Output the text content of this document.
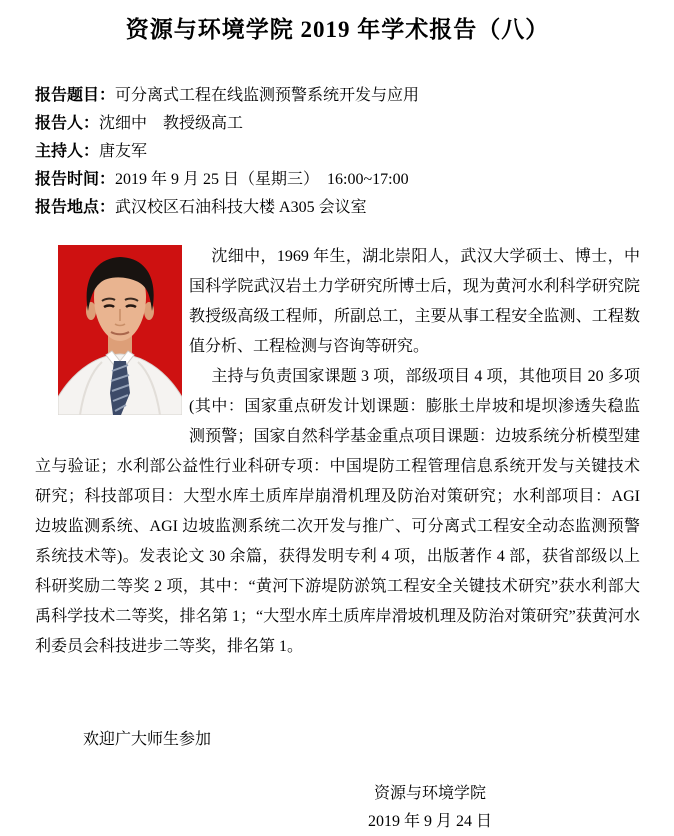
资源与环境学院 2019 年学术报告（八）
报告题目：可分离式工程在线监测预警系统开发与应用
报告人：沈细中　教授级高工
主持人：唐友军
报告时间：2019 年 9 月 25 日（星期三）　16:00~17:00
报告地点：武汉校区石油科技大楼 A305 会议室

沈细中，1969 年生，湖北崇阳人，武汉大学硕士、博士，中国科学院武汉岩土力学研究所博士后，现为黄河水利科学研究院教授级高级工程师，所副总工，主要从事工程安全监测、工程数值分析、工程检测与咨询等研究。

主持与负责国家课题 3 项，部级项目 4 项，其他项目 20 多项(其中：国家重点研发计划课题：膨胀土岸坡和堤坝渗透失稳监测预警；国家自然科学基金重点项目课题：边坡系统分析模型建立与验证；水利部公益性行业科研专项：中国堤防工程管理信息系统开发与关键技术研究；科技部项目：大型水库土质库岸崩滑机理及防治对策研究；水利部项目：AGI 边坡监测系统、AGI 边坡监测系统二次开发与推广、可分离式工程安全动态监测预警系统技术等)。发表论文 30 余篇，获得发明专利 4 项，出版著作 4 部，获省部级以上科研奖励二等奖 2 项，其中：“黄河下游堤防淤筑工程安全关键技术研究”获水利部大禹科学技术二等奖，排名第 1；“大型水库土质库岸滑坡机理及防治对策研究”获黄河水利委员会科技进步二等奖，排名第 1。

欢迎广大师生参加
资源与环境学院
2019 年 9 月 24 日
